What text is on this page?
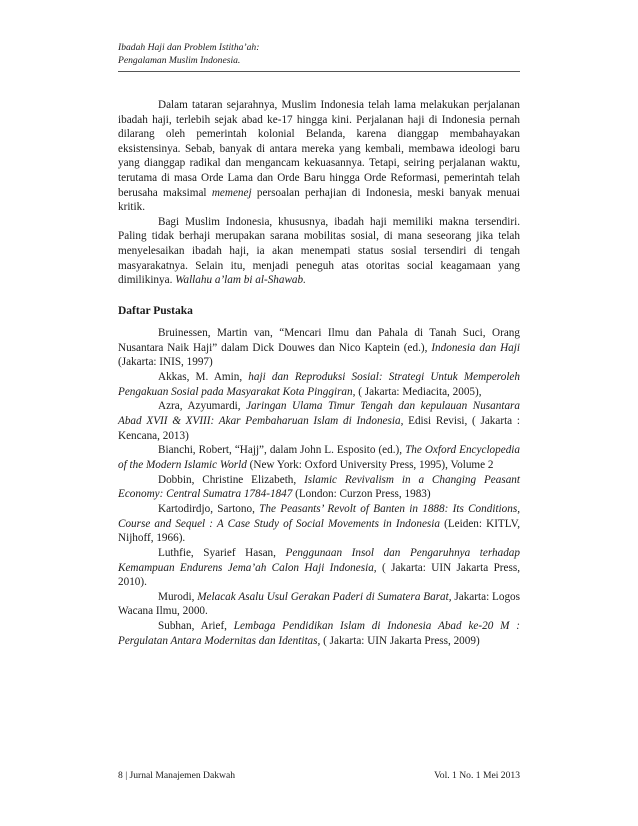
Ibadah Haji dan Problem Istitha’ah:
Pengalaman Muslim Indonesia.

Dalam tataran sejarahnya, Muslim Indonesia telah lama melakukan perjalanan ibadah haji, terlebih sejak abad ke-17 hingga kini. Perjalanan haji di Indonesia pernah dilarang oleh pemerintah kolonial Belanda, karena dianggap membahayakan eksistensinya. Sebab, banyak di antara mereka yang kembali, membawa ideologi baru yang dianggap radikal dan mengancam kekuasannya. Tetapi, seiring perjalanan waktu, terutama di masa Orde Lama dan Orde Baru hingga Orde Reformasi, pemerintah telah berusaha maksimal memenej persoalan perhajian di Indonesia, meski banyak menuai kritik.

Bagi Muslim Indonesia, khususnya, ibadah haji memiliki makna tersendiri. Paling tidak berhaji merupakan sarana mobilitas sosial, di mana seseorang jika telah menyelesaikan ibadah haji, ia akan menempati status sosial tersendiri di tengah masyarakatnya. Selain itu, menjadi peneguh atas otoritas social keagamaan yang dimilikinya. Wallahu a’lam bi al-Shawab.

Daftar Pustaka

Bruinessen, Martin van, “Mencari Ilmu dan Pahala di Tanah Suci, Orang Nusantara Naik Haji” dalam Dick Douwes dan Nico Kaptein (ed.), Indonesia dan Haji (Jakarta: INIS, 1997)

Akkas, M. Amin, haji dan Reproduksi Sosial: Strategi Untuk Memperoleh Pengakuan Sosial pada Masyarakat Kota Pinggiran, ( Jakarta: Mediacita, 2005),

Azra, Azyumardi, Jaringan Ulama Timur Tengah dan kepulauan Nusantara Abad XVII & XVIII: Akar Pembaharuan Islam di Indonesia, Edisi Revisi, ( Jakarta : Kencana, 2013)

Bianchi, Robert, “Hajj”, dalam John L. Esposito (ed.), The Oxford Encyclopedia of the Modern Islamic World (New York: Oxford University Press, 1995), Volume 2

Dobbin, Christine Elizabeth, Islamic Revivalism in a Changing Peasant Economy: Central Sumatra 1784-1847 (London: Curzon Press, 1983)

Kartodirdjo, Sartono, The Peasants’ Revolt of Banten in 1888: Its Conditions, Course and Sequel : A Case Study of Social Movements in Indonesia (Leiden: KITLV, Nijhoff, 1966).

Luthfie, Syarief Hasan, Penggunaan Insol dan Pengaruhnya terhadap Kemampuan Endurens Jema’ah Calon Haji Indonesia, ( Jakarta: UIN Jakarta Press, 2010).

Murodi, Melacak Asalu Usul Gerakan Paderi di Sumatera Barat, Jakarta: Logos Wacana Ilmu, 2000.

Subhan, Arief, Lembaga Pendidikan Islam di Indonesia Abad ke-20 M : Pergulatan Antara Modernitas dan Identitas, ( Jakarta: UIN Jakarta Press, 2009)

8 | Jurnal Manajemen Dakwah	Vol. 1 No. 1 Mei 2013
